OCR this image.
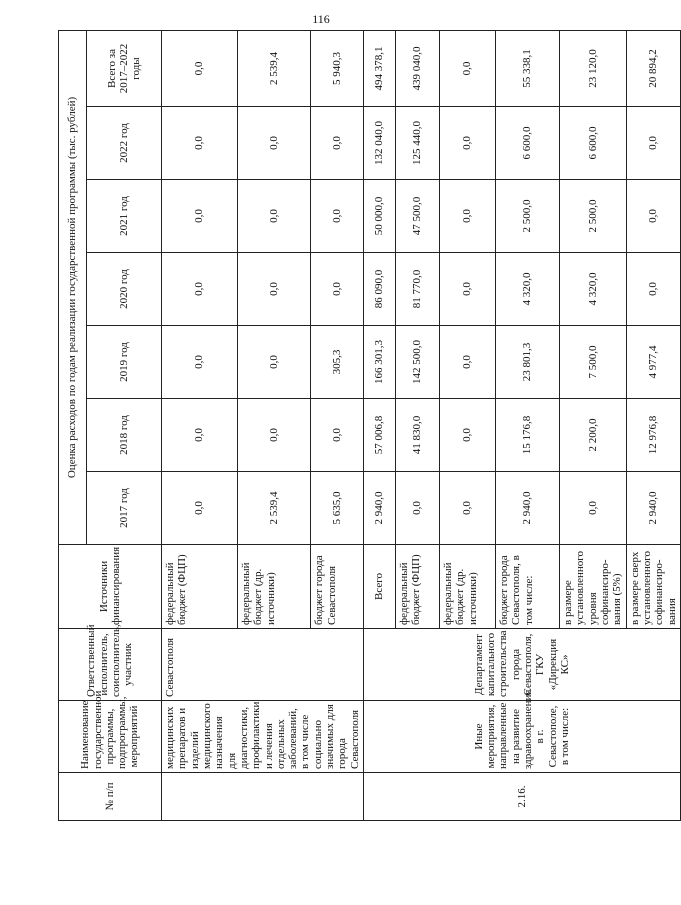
116
№ п/п	Наименование государственной программы, подпрограммы, мероприятий	Ответственный исполнитель, соисполнитель, участник	Источники финансирования	Оценка расходов по годам реализации государственной программы (тыс. рублей)						
				2017 год	2018 год	2019 год	2020 год	2021 год	2022 год	Всего за 2017–2022 годы
	медицинских препаратов и изделий медицинского назначения для диагностики, профилактики и лечения отдельных заболеваний, в том числе социально значимых для города Севастополя	Севастополя	федеральный бюджет (ФЦП)	0,0	0,0	0,0	0,0	0,0	0,0	0,0
			федеральный бюджет (др. источники)	2 539,4	0,0	0,0	0,0	0,0	0,0	2 539,4
			бюджет города Севастополя	5 635,0	0,0	305,3	0,0	0,0	0,0	5 940,3
2.16.	Иные мероприятия, направленные на развитие здравоохранения в г. Севастополе, в том числе:	Департамент капитального строительства города Севастополя, ГКУ «Дирекция КС»	Всего	2 940,0	57 006,8	166 301,3	86 090,0	50 000,0	132 040,0	494 378,1
			федеральный бюджет (ФЦП)	0,0	41 830,0	142 500,0	81 770,0	47 500,0	125 440,0	439 040,0
			федеральный бюджет (др. источники)	0,0	0,0	0,0	0,0	0,0	0,0	0,0
			бюджет города Севастополя, в том числе:	2 940,0	15 176,8	23 801,3	4 320,0	2 500,0	6 600,0	55 338,1
			в размере установленного уровня софинансиро-вания (5%)	0,0	2 200,0	7 500,0	4 320,0	2 500,0	6 600,0	23 120,0
			в размере сверх установленного софинансиро-вания	2 940,0	12 976,8	4 977,4	0,0	0,0	0,0	20 894,2
